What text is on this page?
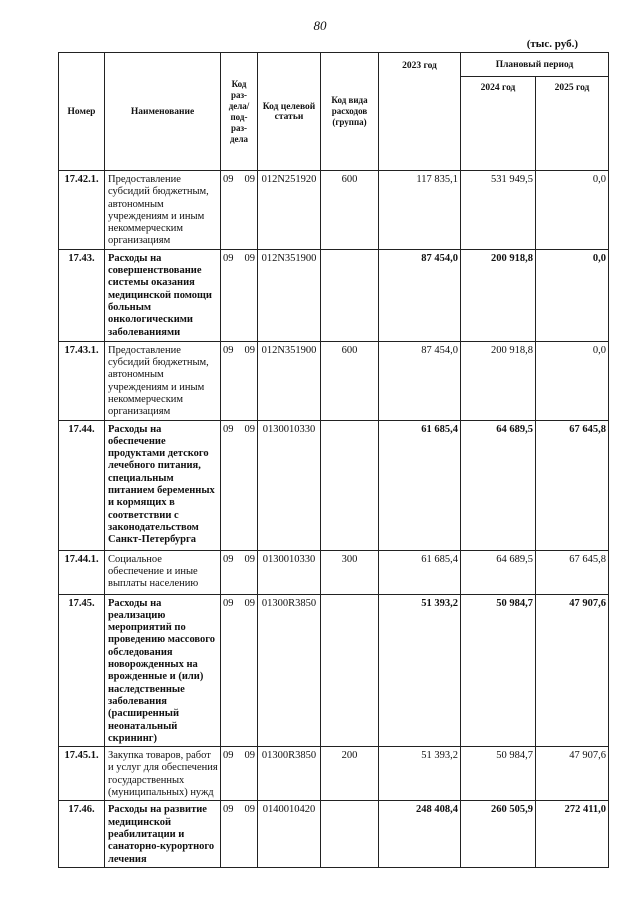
80
(тыс. руб.)
Номер	Наименование	Код раз-дела/ под-раз-дела		Код целевой статьи	Код вида расходов (группа)	2023 год	Плановый период	
							2024 год	2025 год
17.42.1.	Предоставление субсидий бюджетным, автономным учреждениям и иным некоммерческим организациям	09	09	012N251920	600	117 835,1	531 949,5	0,0
17.43.	Расходы на совершенствование системы оказания медицинской помощи больным онкологическими заболеваниями	09	09	012N351900		87 454,0	200 918,8	0,0
17.43.1.	Предоставление субсидий бюджетным, автономным учреждениям и иным некоммерческим организациям	09	09	012N351900	600	87 454,0	200 918,8	0,0
17.44.	Расходы на обеспечение продуктами детского лечебного питания, специальным питанием беременных и кормящих в соответствии с законодательством Санкт-Петербурга	09	09	0130010330		61 685,4	64 689,5	67 645,8
17.44.1.	Социальное обеспечение и иные выплаты населению	09	09	0130010330	300	61 685,4	64 689,5	67 645,8
17.45.	Расходы на реализацию мероприятий по проведению массового обследования новорожденных на врожденные и (или) наследственные заболевания (расширенный неонатальный скрининг)	09	09	01300R3850		51 393,2	50 984,7	47 907,6
17.45.1.	Закупка товаров, работ и услуг для обеспечения государственных (муниципальных) нужд	09	09	01300R3850	200	51 393,2	50 984,7	47 907,6
17.46.	Расходы на развитие медицинской реабилитации и санаторно-курортного лечения	09	09	0140010420		248 408,4	260 505,9	272 411,0
